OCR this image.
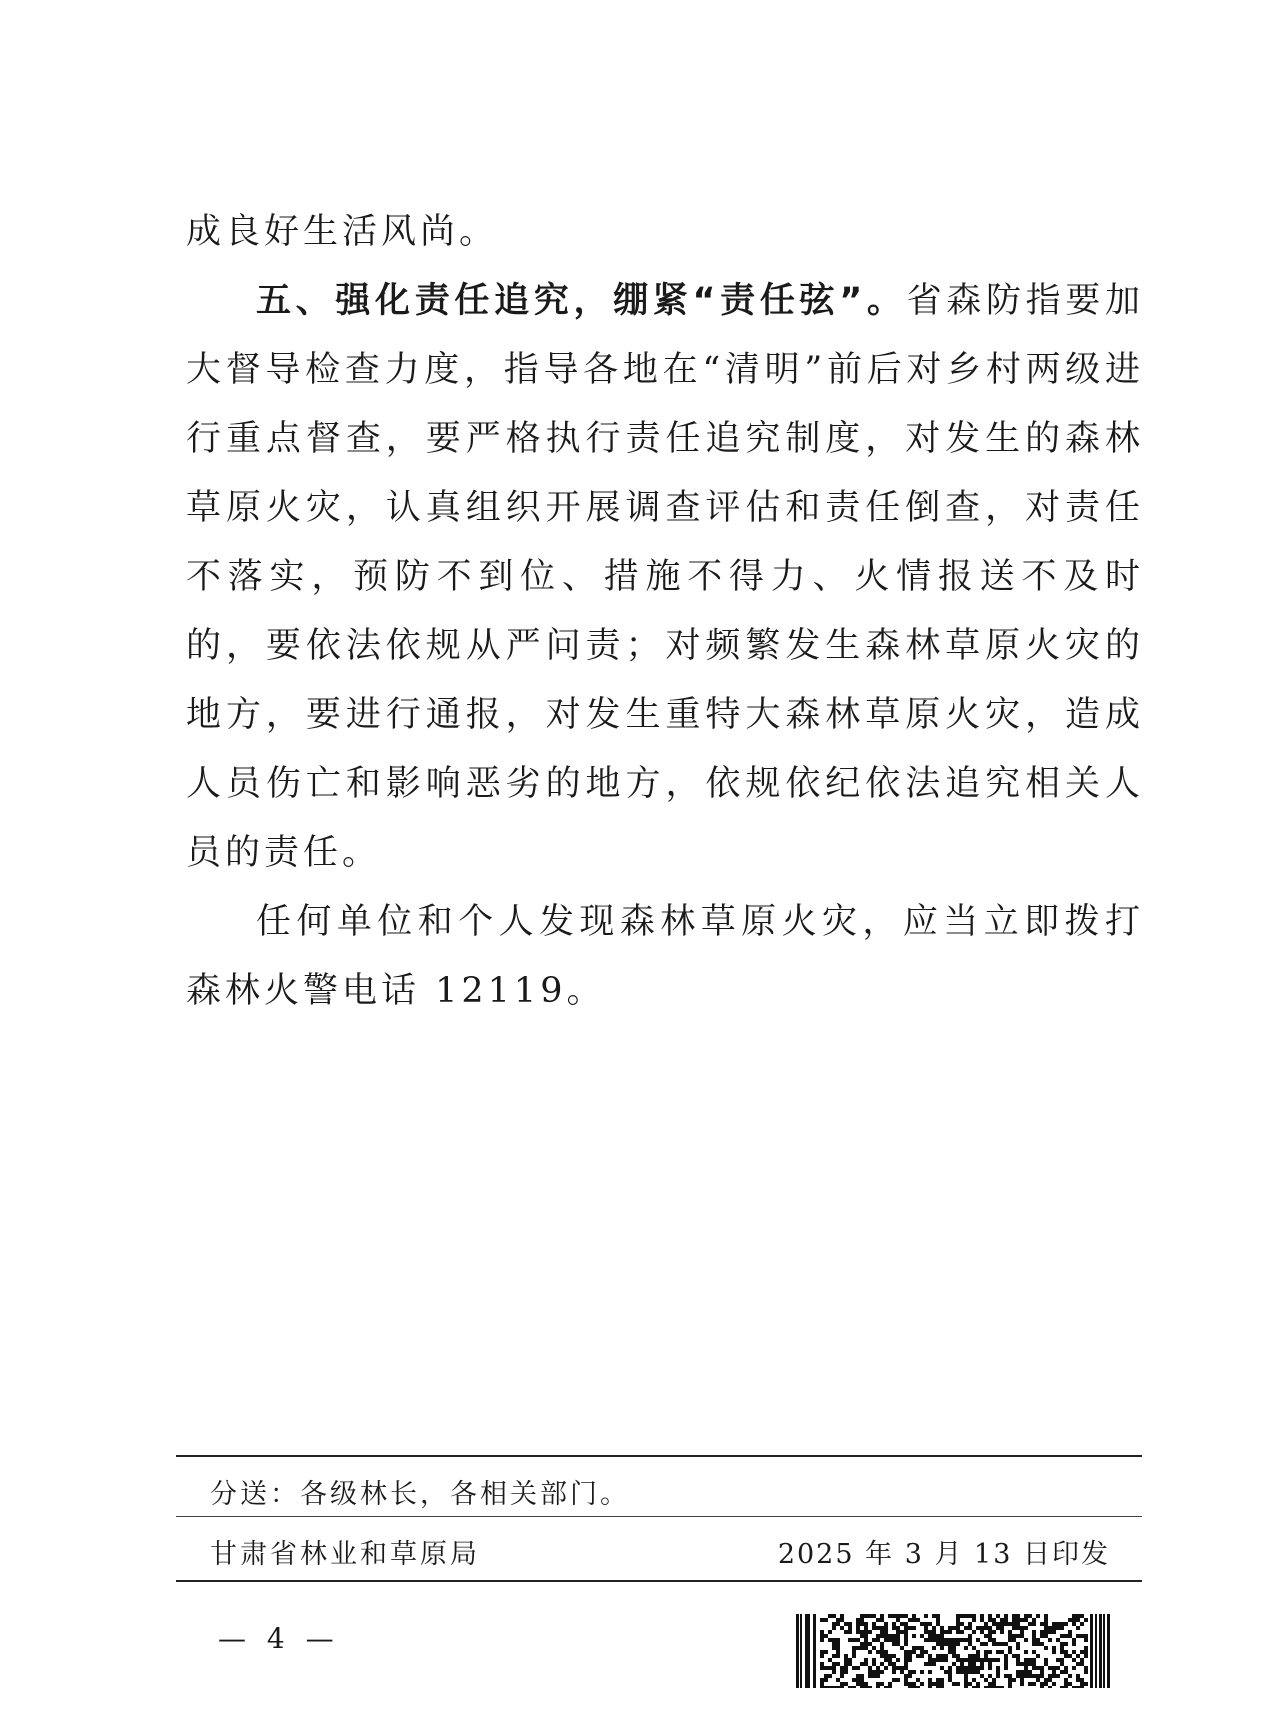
成良好生活风尚。

五、强化责任追究，绷紧“责任弦”。省森防指要加大督导检查力度，指导各地在“清明”前后对乡村两级进行重点督查，要严格执行责任追究制度，对发生的森林草原火灾，认真组织开展调查评估和责任倒查，对责任不落实，预防不到位、措施不得力、火情报送不及时的，要依法依规从严问责；对频繁发生森林草原火灾的地方，要进行通报，对发生重特大森林草原火灾，造成人员伤亡和影响恶劣的地方，依规依纪依法追究相关人员的责任。

任何单位和个人发现森林草原火灾，应当立即拨打森林火警电话 12119。

分送：各级林长，各相关部门。
甘肃省林业和草原局	2025 年 3 月 13 日印发
— 4 —
